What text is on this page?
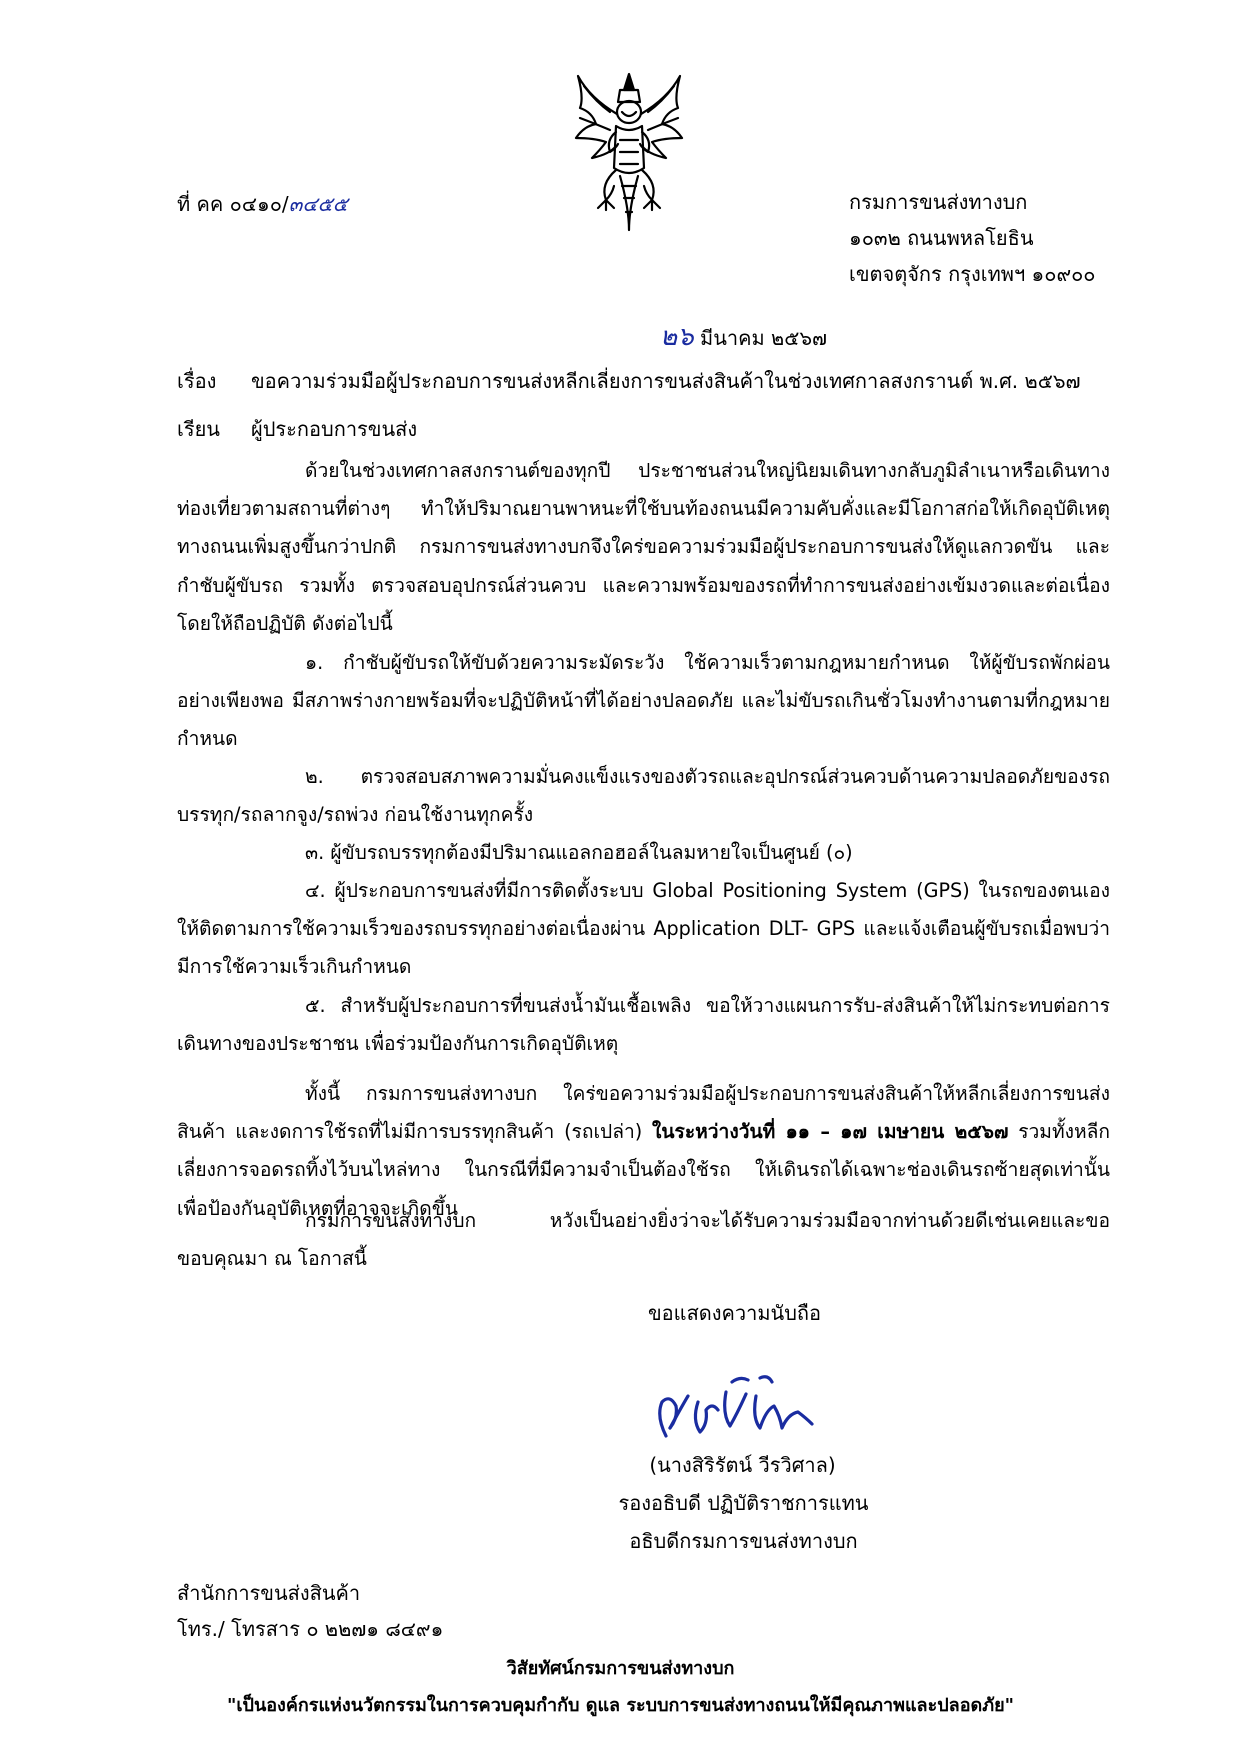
ที่ คค ๐๔๑๐/๓๔๕๕	กรมการขนส่งทางบก
๑๐๓๒ ถนนพหลโยธิน
เขตจตุจักร กรุงเทพฯ ๑๐๙๐๐
๒๖ มีนาคม ๒๕๖๗
เรื่อง ขอความร่วมมือผู้ประกอบการขนส่งหลีกเลี่ยงการขนส่งสินค้าในช่วงเทศกาลสงกรานต์ พ.ศ. ๒๕๖๗
เรียน ผู้ประกอบการขนส่ง
ด้วยในช่วงเทศกาลสงกรานต์ของทุกปี ประชาชนส่วนใหญ่นิยมเดินทางกลับภูมิลำเนาหรือเดินทางท่องเที่ยวตามสถานที่ต่างๆ ทำให้ปริมาณยานพาหนะที่ใช้บนท้องถนนมีความคับคั่งและมีโอกาสก่อให้เกิดอุบัติเหตุทางถนนเพิ่มสูงขึ้นกว่าปกติ กรมการขนส่งทางบกจึงใคร่ขอความร่วมมือผู้ประกอบการขนส่งให้ดูแลกวดขัน และกำชับผู้ขับรถ รวมทั้ง ตรวจสอบอุปกรณ์ส่วนควบ และความพร้อมของรถที่ทำการขนส่งอย่างเข้มงวดและต่อเนื่อง โดยให้ถือปฏิบัติ ดังต่อไปนี้
๑. กำชับผู้ขับรถให้ขับด้วยความระมัดระวัง ใช้ความเร็วตามกฎหมายกำหนด ให้ผู้ขับรถพักผ่อนอย่างเพียงพอ มีสภาพร่างกายพร้อมที่จะปฏิบัติหน้าที่ได้อย่างปลอดภัย และไม่ขับรถเกินชั่วโมงทำงานตามที่กฎหมายกำหนด
๒. ตรวจสอบสภาพความมั่นคงแข็งแรงของตัวรถและอุปกรณ์ส่วนควบด้านความปลอดภัยของรถบรรทุก/รถลากจูง/รถพ่วง ก่อนใช้งานทุกครั้ง
๓. ผู้ขับรถบรรทุกต้องมีปริมาณแอลกอฮอล์ในลมหายใจเป็นศูนย์ (๐)
๔. ผู้ประกอบการขนส่งที่มีการติดตั้งระบบ Global Positioning System (GPS) ในรถของตนเอง ให้ติดตามการใช้ความเร็วของรถบรรทุกอย่างต่อเนื่องผ่าน Application DLT- GPS และแจ้งเตือนผู้ขับรถเมื่อพบว่ามีการใช้ความเร็วเกินกำหนด
๕. สำหรับผู้ประกอบการที่ขนส่งน้ำมันเชื้อเพลิง ขอให้วางแผนการรับ-ส่งสินค้าให้ไม่กระทบต่อการเดินทางของประชาชน เพื่อร่วมป้องกันการเกิดอุบัติเหตุ
ทั้งนี้ กรมการขนส่งทางบก ใคร่ขอความร่วมมือผู้ประกอบการขนส่งสินค้าให้หลีกเลี่ยงการขนส่งสินค้า และงดการใช้รถที่ไม่มีการบรรทุกสินค้า (รถเปล่า) ในระหว่างวันที่ ๑๑ – ๑๗ เมษายน ๒๕๖๗ รวมทั้งหลีกเลี่ยงการจอดรถทิ้งไว้บนไหล่ทาง ในกรณีที่มีความจำเป็นต้องใช้รถ ให้เดินรถได้เฉพาะช่องเดินรถซ้ายสุดเท่านั้น เพื่อป้องกันอุบัติเหตุที่อาจจะเกิดขึ้น
กรมการขนส่งทางบก หวังเป็นอย่างยิ่งว่าจะได้รับความร่วมมือจากท่านด้วยดีเช่นเคยและขอขอบคุณมา ณ โอกาสนี้
ขอแสดงความนับถือ
(นางสิริรัตน์ วีรวิศาล)
รองอธิบดี ปฏิบัติราชการแทน
อธิบดีกรมการขนส่งทางบก
สำนักการขนส่งสินค้า
โทร./ โทรสาร ๐ ๒๒๗๑ ๘๔๙๑
วิสัยทัศน์กรมการขนส่งทางบก
"เป็นองค์กรแห่งนวัตกรรมในการควบคุมกำกับ ดูแล ระบบการขนส่งทางถนนให้มีคุณภาพและปลอดภัย"
